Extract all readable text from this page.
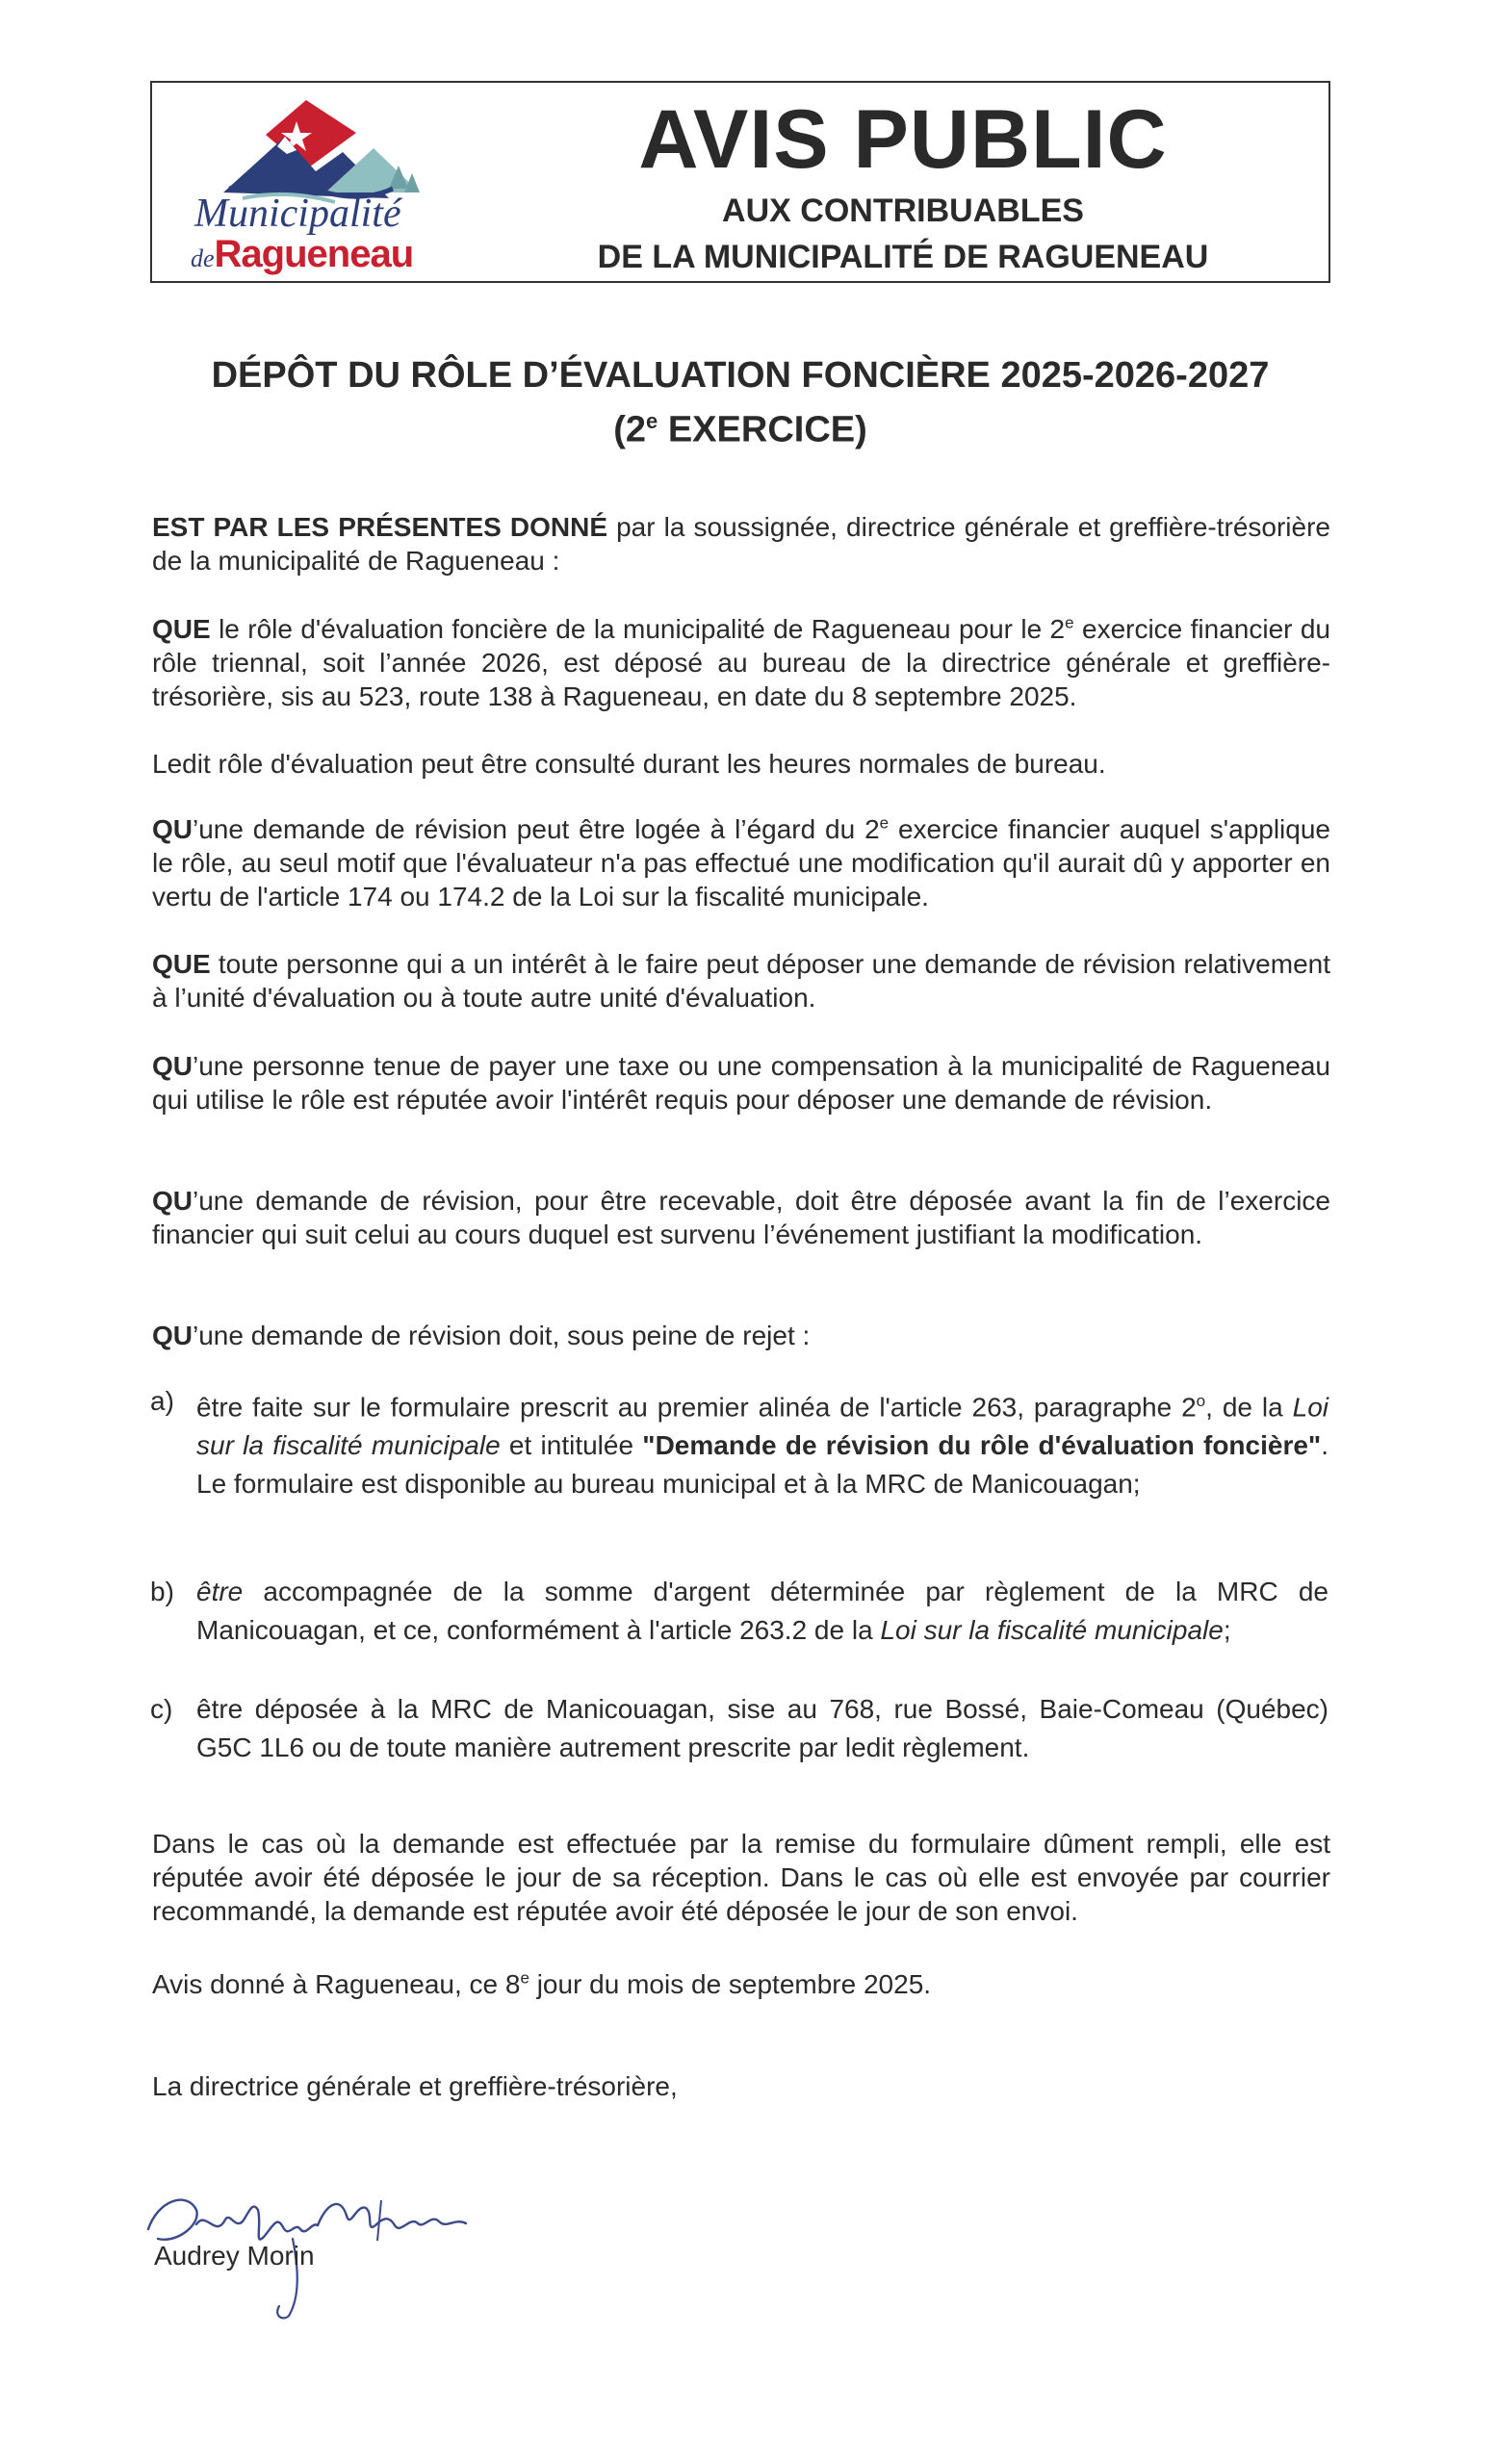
Municipalité
deRagueneau
AVIS PUBLIC
AUX CONTRIBUABLES
DE LA MUNICIPALITÉ DE RAGUENEAU
DÉPÔT DU RÔLE D’ÉVALUATION FONCIÈRE 2025-2026-2027
(2e EXERCICE)

EST PAR LES PRÉSENTES DONNÉ par la soussignée, directrice générale et greffière-trésorière de la municipalité de Ragueneau :

QUE le rôle d'évaluation foncière de la municipalité de Ragueneau pour le 2e exercice financier du rôle triennal, soit l’année 2026, est déposé au bureau de la directrice générale et greffière-trésorière, sis au 523, route 138 à Ragueneau, en date du 8 septembre 2025.

Ledit rôle d'évaluation peut être consulté durant les heures normales de bureau.

QU’une demande de révision peut être logée à l’égard du 2e exercice financier auquel s'applique le rôle, au seul motif que l'évaluateur n'a pas effectué une modification qu'il aurait dû y apporter en vertu de l'article 174 ou 174.2 de la Loi sur la fiscalité municipale.

QUE toute personne qui a un intérêt à le faire peut déposer une demande de révision relativement à l’unité d'évaluation ou à toute autre unité d'évaluation.

QU’une personne tenue de payer une taxe ou une compensation à la municipalité de Ragueneau qui utilise le rôle est réputée avoir l'intérêt requis pour déposer une demande de révision.

QU’une demande de révision, pour être recevable, doit être déposée avant la fin de l’exercice financier qui suit celui au cours duquel est survenu l’événement justifiant la modification.

QU’une demande de révision doit, sous peine de rejet :

a) être faite sur le formulaire prescrit au premier alinéa de l'article 263, paragraphe 2$^o$, de la Loi sur la fiscalité municipale et intitulée "Demande de révision du rôle d'évaluation foncière". Le formulaire est disponible au bureau municipal et à la MRC de Manicouagan;
b) être accompagnée de la somme d'argent déterminée par règlement de la MRC de Manicouagan, et ce, conformément à l'article 263.2 de la Loi sur la fiscalité municipale;
c) être déposée à la MRC de Manicouagan, sise au 768, rue Bossé, Baie-Comeau (Québec) G5C 1L6 ou de toute manière autrement prescrite par ledit règlement.

Dans le cas où la demande est effectuée par la remise du formulaire dûment rempli, elle est réputée avoir été déposée le jour de sa réception. Dans le cas où elle est envoyée par courrier recommandé, la demande est réputée avoir été déposée le jour de son envoi.

Avis donné à Ragueneau, ce 8e jour du mois de septembre 2025.

La directrice générale et greffière-trésorière,

Audrey Morin
